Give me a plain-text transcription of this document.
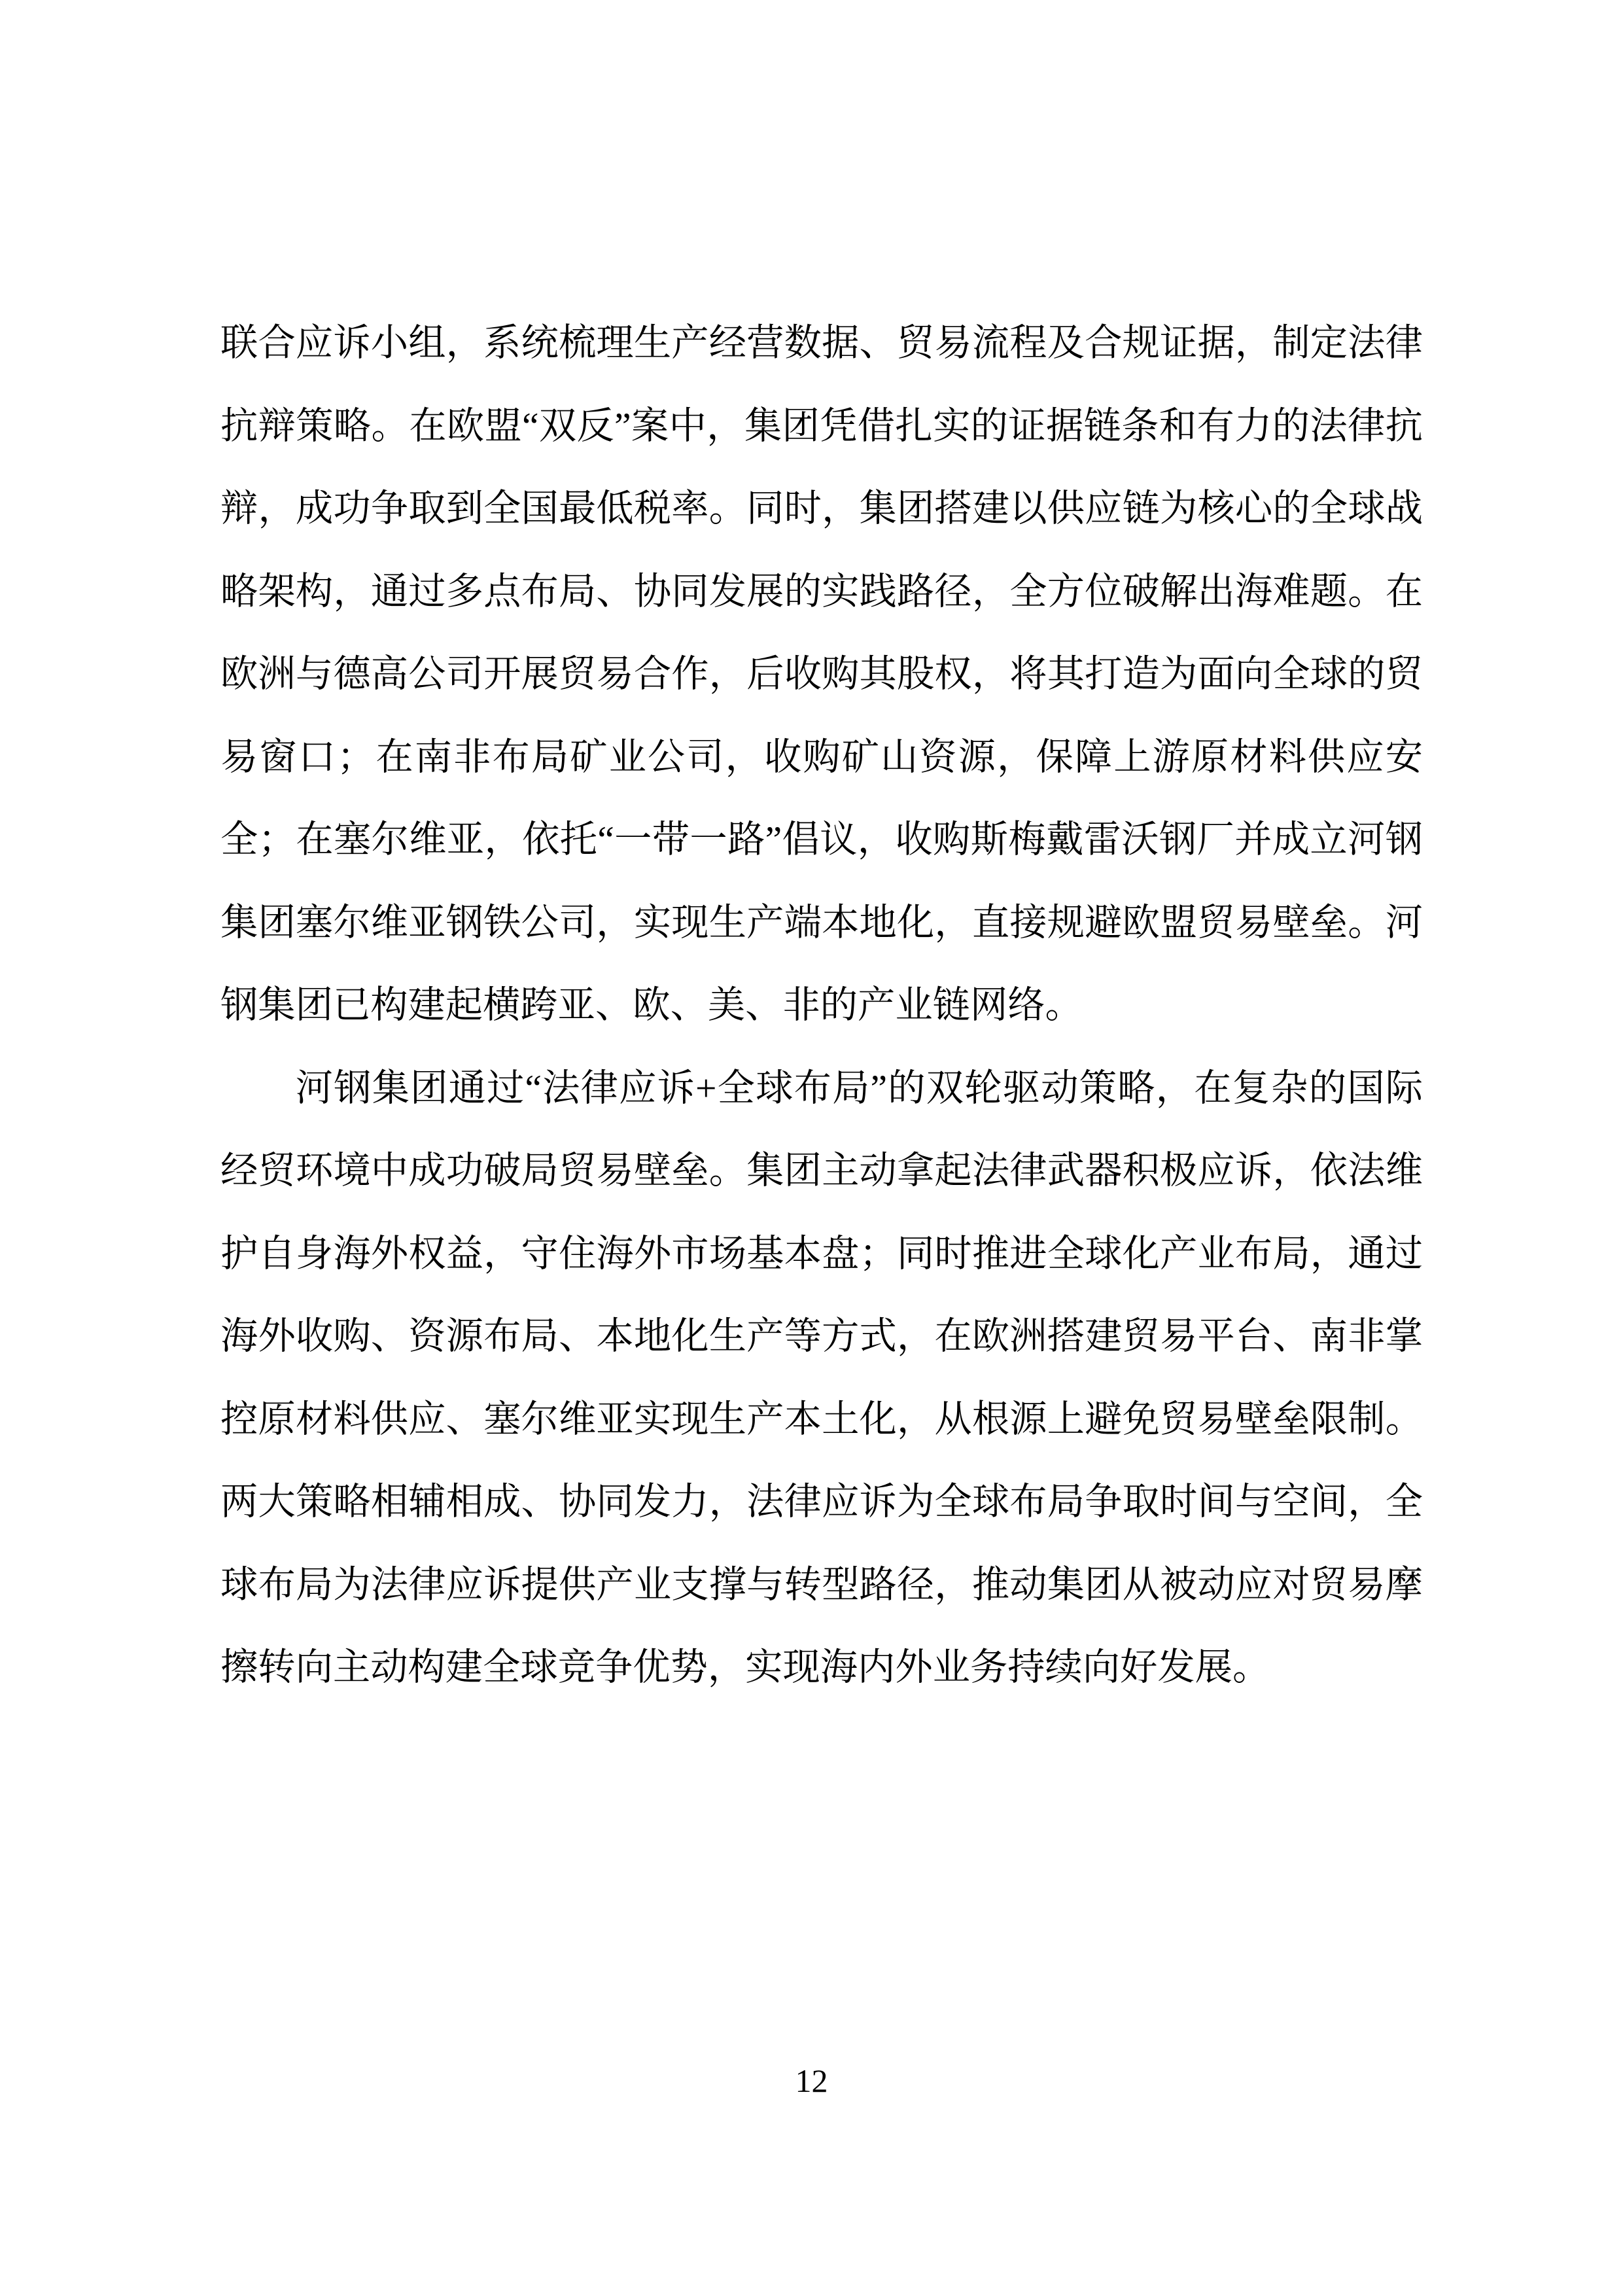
联合应诉小组，系统梳理生产经营数据、贸易流程及合规证据，制定法律抗辩策略。在欧盟“双反”案中，集团凭借扎实的证据链条和有力的法律抗辩，成功争取到全国最低税率。同时，集团搭建以供应链为核心的全球战略架构，通过多点布局、协同发展的实践路径，全方位破解出海难题。在欧洲与德高公司开展贸易合作，后收购其股权，将其打造为面向全球的贸易窗口；在南非布局矿业公司，收购矿山资源，保障上游原材料供应安全；在塞尔维亚，依托“一带一路”倡议，收购斯梅戴雷沃钢厂并成立河钢集团塞尔维亚钢铁公司，实现生产端本地化，直接规避欧盟贸易壁垒。河钢集团已构建起横跨亚、欧、美、非的产业链网络。

河钢集团通过“法律应诉+全球布局”的双轮驱动策略，在复杂的国际经贸环境中成功破局贸易壁垒。集团主动拿起法律武器积极应诉，依法维护自身海外权益，守住海外市场基本盘；同时推进全球化产业布局，通过海外收购、资源布局、本地化生产等方式，在欧洲搭建贸易平台、南非掌控原材料供应、塞尔维亚实现生产本土化，从根源上避免贸易壁垒限制。两大策略相辅相成、协同发力，法律应诉为全球布局争取时间与空间，全球布局为法律应诉提供产业支撑与转型路径，推动集团从被动应对贸易摩擦转向主动构建全球竞争优势，实现海内外业务持续向好发展。

12
